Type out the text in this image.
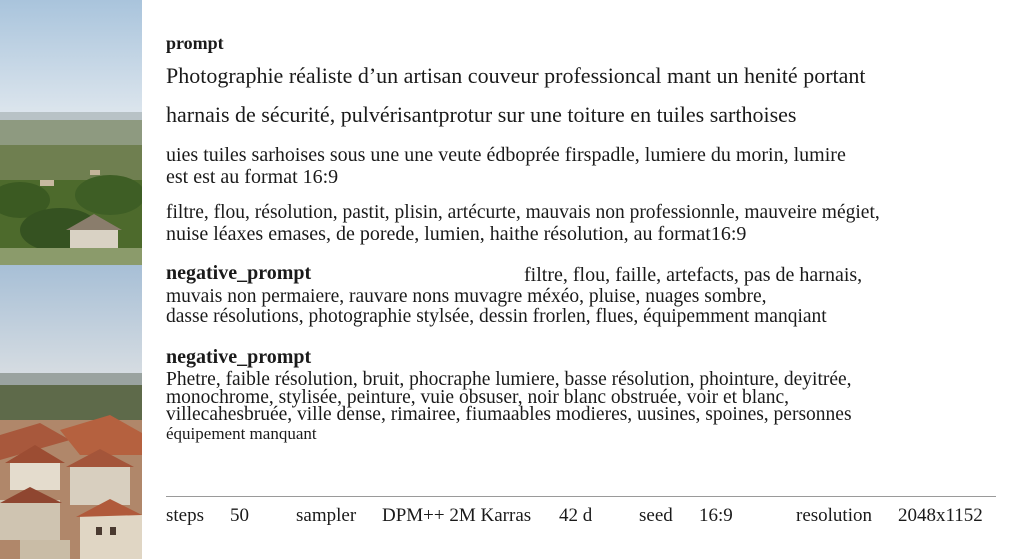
prompt
Photographie réaliste d’un artisan couveur professioncal mant un henité portant
harnais de sécurité, pulvérisantprotur sur une toiture en tuiles sarthoises
uies tuiles sarhoises sous une une veute édboprée firspadle, lumiere du morin, lumire
est est au format 16:9
filtre, flou, résolution, pastit, plisin, artécurte, mauvais non professionnle, mauveire mégiet,
nuise léaxes emases, de porede, lumien, haithe résolution, au format16:9
negative_prompt	filtre, flou, faille, artefacts, pas de harnais,
muvais non permaiere, rauvare nons muvagre méxéo, pluise, nuages sombre,
dasse résolutions, photographie stylsée, dessin frorlen, flues, équipemment manqiant
negative_prompt
Phetre, faible résolution, bruit, phocraphe lumiere, basse résolution, phointure, deyitrée,
monochrome, stylisée, peinture, vuie obsuser, noir blanc obstruée, voir et blanc,
villecahesbruée, ville dense, rimairee, fiumaables modieres, uusines, spoines, personnes
équipement manquant
steps 50 sampler DPM++ 2M Karras 42 d seed 16:9	resolution 2048x1152
